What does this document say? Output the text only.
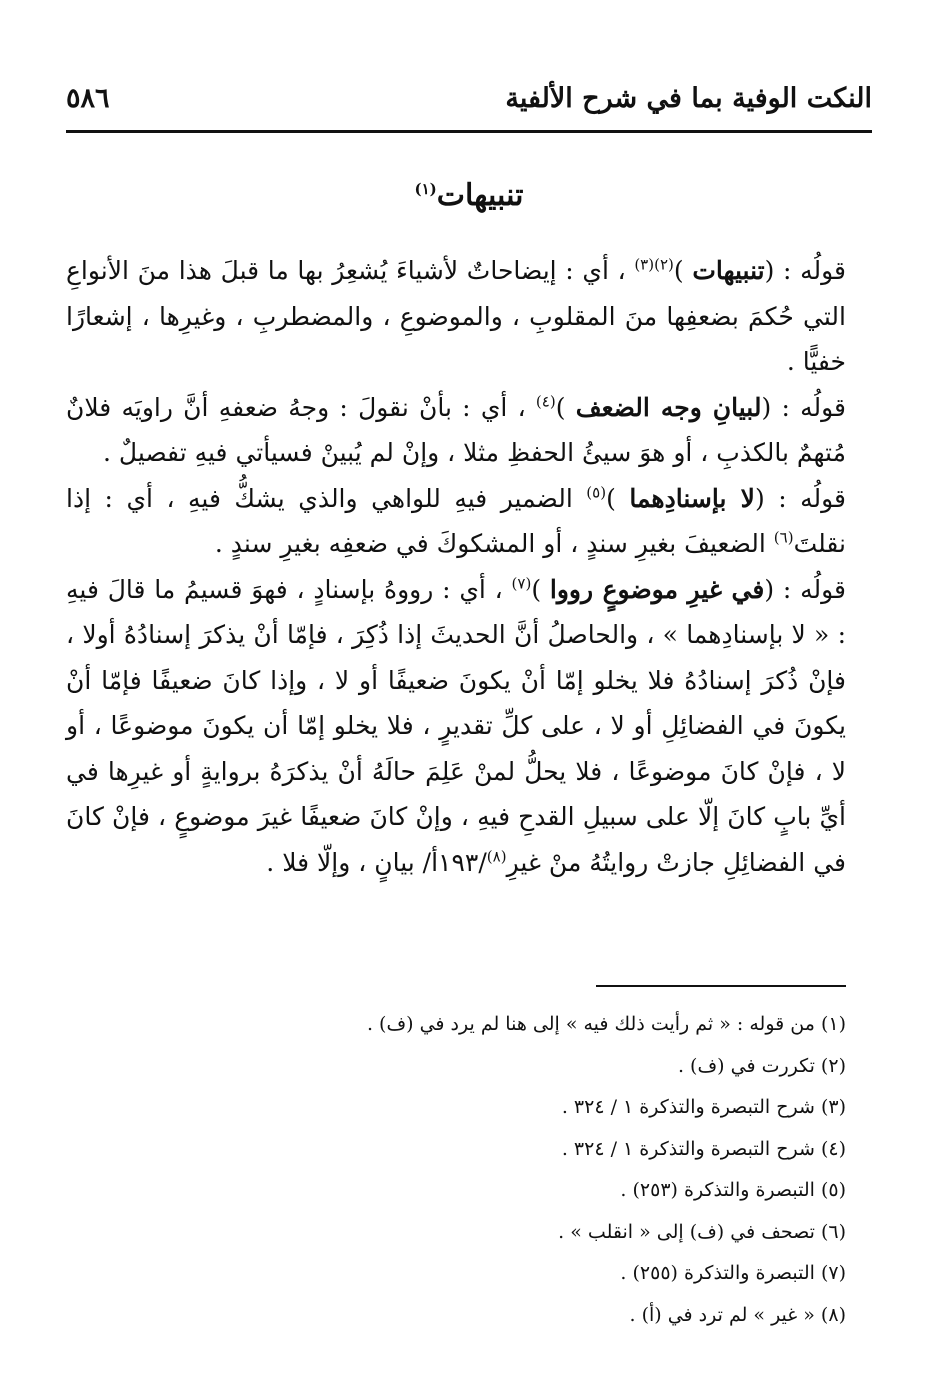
النكت الوفية بما في شرح الألفية
٥٨٦
تنبيهات$^{(١)}$

قولُه : (تنبيهات )$^{(٢)(٣)}$ ، أي : إيضاحاتٌ لأشياءَ يُشعِرُ بها ما قبلَ هذا منَ الأنواعِ التي حُكمَ بضعفِها منَ المقلوبِ ، والموضوعِ ، والمضطربِ ، وغيرِها ، إشعارًا خفيًّا .

قولُه : (لبيانِ وجه الضعف )$^{(٤)}$ ، أي : بأنْ نقولَ : وجهُ ضعفهِ أنَّ راويَه فلانٌ مُتهمٌ بالكذبِ ، أو هوَ سيئُ الحفظِ مثلا ، وإنْ لم يُبينْ فسيأتي فيهِ تفصيلٌ .

قولُه : (لا بإسنادِهما )$^{(٥)}$ الضمير فيهِ للواهي والذي يشكُّ فيهِ ، أي : إذا نقلتَ$^{(٦)}$ الضعيفَ بغيرِ سندٍ ، أو المشكوكَ في ضعفِه بغيرِ سندٍ .

قولُه : (في غيرِ موضوعٍ رووا )$^{(٧)}$ ، أي : رووهُ بإسنادٍ ، فهوَ قسيمُ ما قالَ فيهِ : « لا بإسنادِهما » ، والحاصلُ أنَّ الحديثَ إذا ذُكِرَ ، فإمّا أنْ يذكرَ إسنادُهُ أولا ، فإنْ ذُكرَ إسنادُهُ فلا يخلو إمّا أنْ يكونَ ضعيفًا أو لا ، وإذا كانَ ضعيفًا فإمّا أنْ يكونَ في الفضائِلِ أو لا ، على كلِّ تقديرٍ ، فلا يخلو إمّا أن يكونَ موضوعًا ، أو لا ، فإنْ كانَ موضوعًا ، فلا يحلُّ لمنْ عَلِمَ حالَهُ أنْ يذكرَهُ بروايةٍ أو غيرِها في أيِّ بابٍ كانَ إلّا على سبيلِ القدحِ فيهِ ، وإنْ كانَ ضعيفًا غيرَ موضوعٍ ، فإنْ كانَ في الفضائِلِ جازتْ روايتُهُ منْ غيرِ$^{(٨)}$/١٩٣أ/ بيانٍ ، وإلّا فلا .

(١) من قوله : « ثم رأيت ذلك فيه » إلى هنا لم يرد في (ف) .
(٢) تكررت في (ف) .
(٣) شرح التبصرة والتذكرة ١ / ٣٢٤ .
(٤) شرح التبصرة والتذكرة ١ / ٣٢٤ .
(٥) التبصرة والتذكرة (٢٥٣) .
(٦) تصحف في (ف) إلى « انقلب » .
(٧) التبصرة والتذكرة (٢٥٥) .
(٨) « غير » لم ترد في (أ) .
